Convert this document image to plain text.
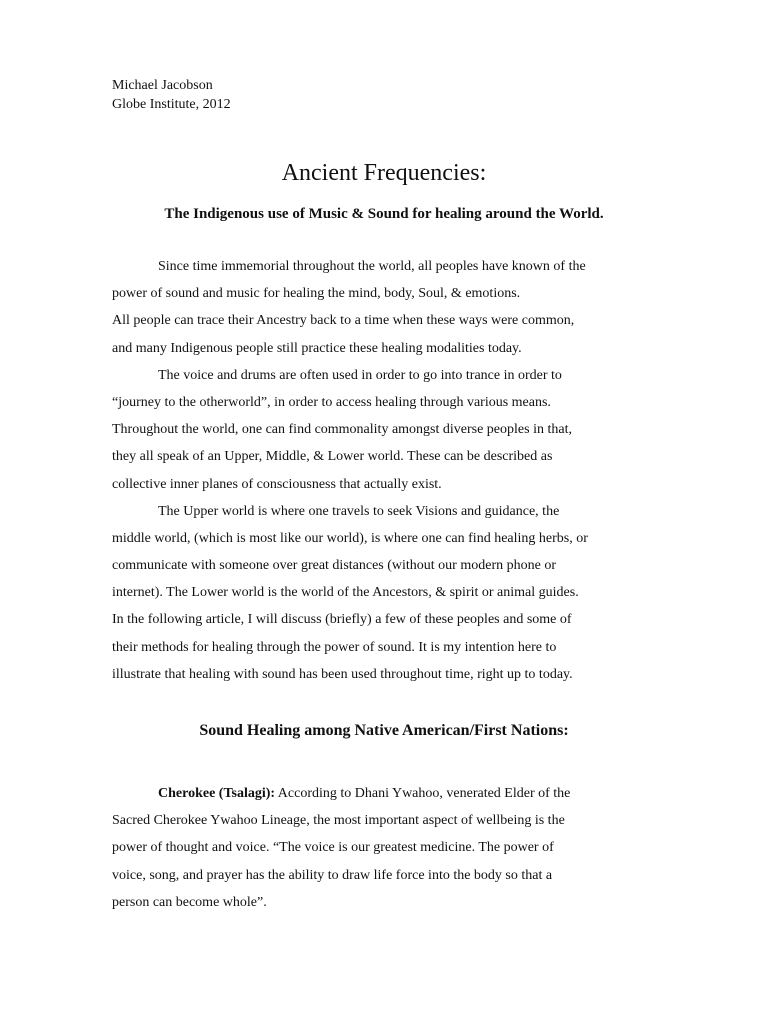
Michael Jacobson
Globe Institute, 2012
Ancient Frequencies:
The Indigenous use of Music & Sound for healing around the World.
Since time immemorial throughout the world, all peoples have known of the
power of sound and music for healing the mind, body, Soul, & emotions.
All people can trace their Ancestry back to a time when these ways were common,
and many Indigenous people still practice these healing modalities today.
The voice and drums are often used in order to go into trance in order to
“journey to the otherworld”, in order to access healing through various means.
Throughout the world, one can find commonality amongst diverse peoples in that,
they all speak of an Upper, Middle, & Lower world. These can be described as
collective inner planes of consciousness that actually exist.
The Upper world is where one travels to seek Visions and guidance, the
middle world, (which is most like our world), is where one can find healing herbs, or
communicate with someone over great distances (without our modern phone or
internet). The Lower world is the world of the Ancestors, & spirit or animal guides.
In the following article, I will discuss (briefly) a few of these peoples and some of
their methods for healing through the power of sound. It is my intention here to
illustrate that healing with sound has been used throughout time, right up to today.
Sound Healing among Native American/First Nations:
Cherokee (Tsalagi): According to Dhani Ywahoo, venerated Elder of the
Sacred Cherokee Ywahoo Lineage, the most important aspect of wellbeing is the
power of thought and voice. “The voice is our greatest medicine. The power of
voice, song, and prayer has the ability to draw life force into the body so that a
person can become whole”.
